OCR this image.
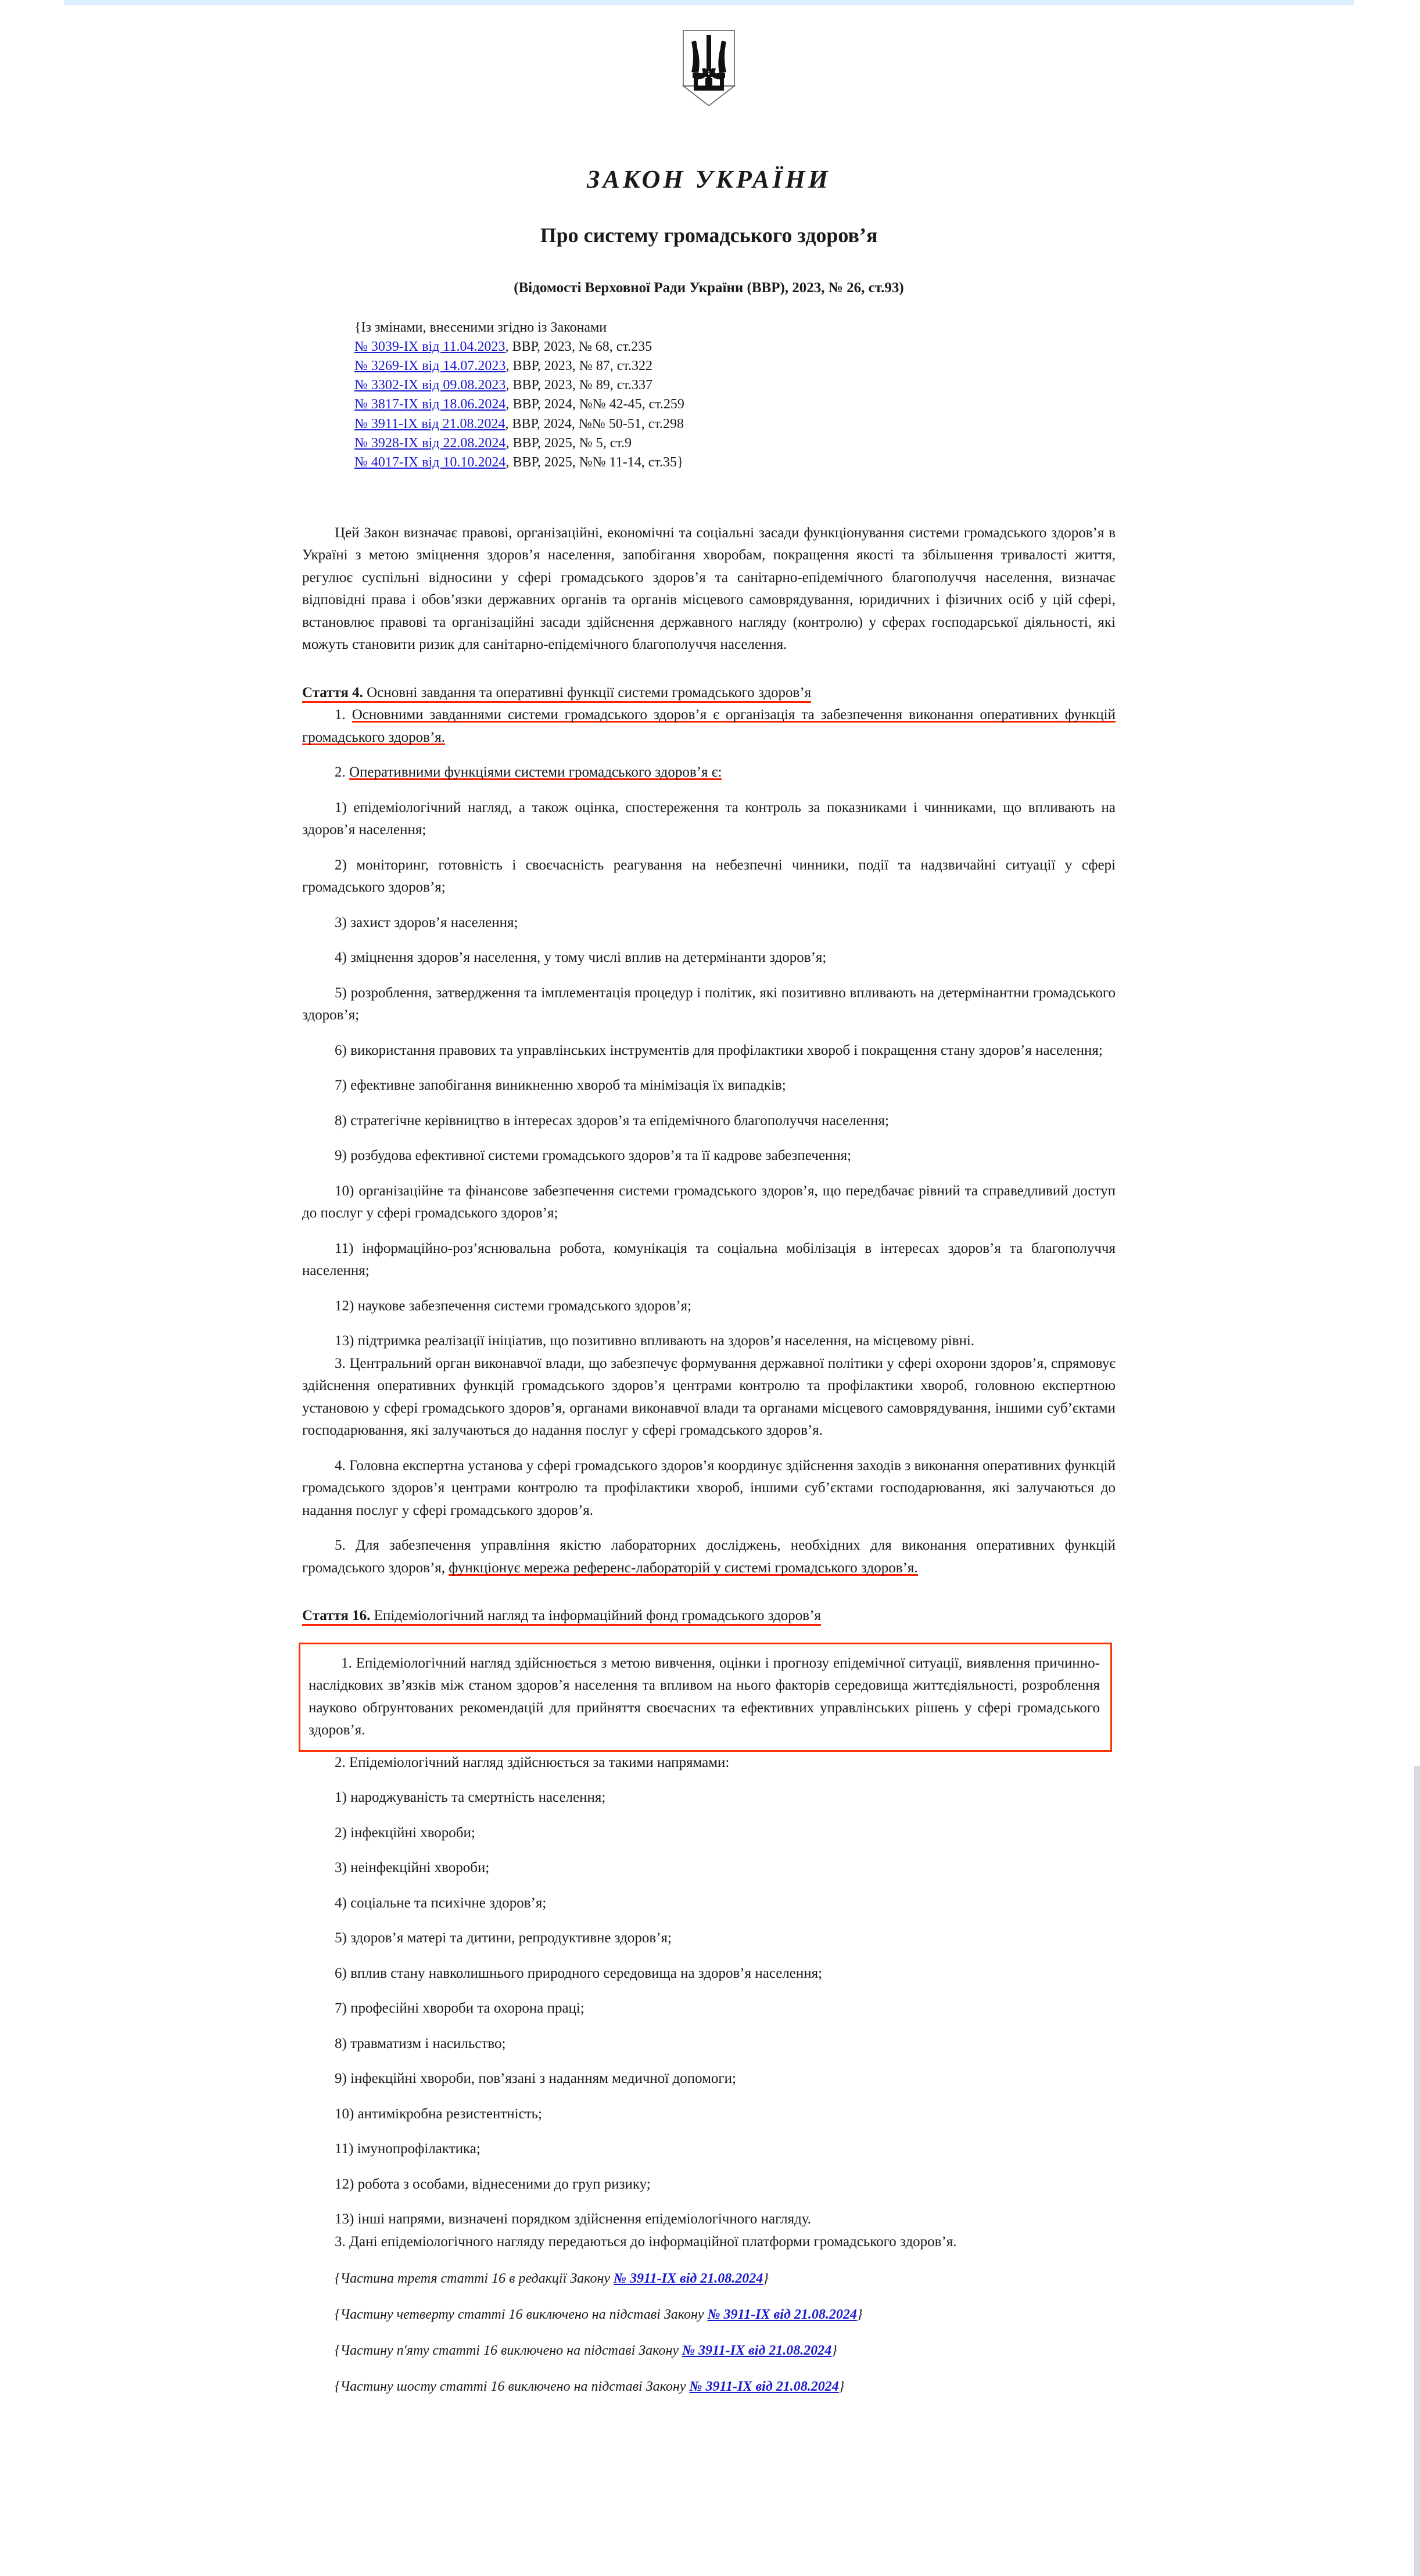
ЗАКОН УКРАЇНИ
Про систему громадського здоров’я
(Відомості Верховної Ради України (ВВР), 2023, № 26, ст.93)
{Із змінами, внесеними згідно із Законами
№ 3039-IX від 11.04.2023, ВВР, 2023, № 68, ст.235
№ 3269-IX від 14.07.2023, ВВР, 2023, № 87, ст.322
№ 3302-IX від 09.08.2023, ВВР, 2023, № 89, ст.337
№ 3817-IX від 18.06.2024, ВВР, 2024, №№ 42-45, ст.259
№ 3911-IX від 21.08.2024, ВВР, 2024, №№ 50-51, ст.298
№ 3928-IX від 22.08.2024, ВВР, 2025, № 5, ст.9
№ 4017-IX від 10.10.2024, ВВР, 2025, №№ 11-14, ст.35}

Цей Закон визначає правові, організаційні, економічні та соціальні засади функціонування системи громадського здоров’я в Україні з метою зміцнення здоров’я населення, запобігання хворобам, покращення якості та збільшення тривалості життя, регулює суспільні відносини у сфері громадського здоров’я та санітарно-епідемічного благополуччя населення, визначає відповідні права і обов’язки державних органів та органів місцевого самоврядування, юридичних і фізичних осіб у цій сфері, встановлює правові та організаційні засади здійснення державного нагляду (контролю) у сферах господарської діяльності, які можуть становити ризик для санітарно-епідемічного благополуччя населення.

Стаття 4. Основні завдання та оперативні функції системи громадського здоров’я

1. Основними завданнями системи громадського здоров’я є організація та забезпечення виконання оперативних функцій громадського здоров’я.

2. Оперативними функціями системи громадського здоров’я є:

1) епідеміологічний нагляд, а також оцінка, спостереження та контроль за показниками і чинниками, що впливають на здоров’я населення;
2) моніторинг, готовність і своєчасність реагування на небезпечні чинники, події та надзвичайні ситуації у сфері громадського здоров’я;
3) захист здоров’я населення;
4) зміцнення здоров’я населення, у тому числі вплив на детермінанти здоров’я;
5) розроблення, затвердження та імплементація процедур і політик, які позитивно впливають на детермінантни громадського здоров’я;
6) використання правових та управлінських інструментів для профілактики хвороб і покращення стану здоров’я населення;
7) ефективне запобігання виникненню хвороб та мінімізація їх випадків;
8) стратегічне керівництво в інтересах здоров’я та епідемічного благополуччя населення;
9) розбудова ефективної системи громадського здоров’я та її кадрове забезпечення;
10) організаційне та фінансове забезпечення системи громадського здоров’я, що передбачає рівний та справедливий доступ до послуг у сфері громадського здоров’я;
11) інформаційно-роз’яснювальна робота, комунікація та соціальна мобілізація в інтересах здоров’я та благополуччя населення;
12) наукове забезпечення системи громадського здоров’я;
13) підтримка реалізації ініціатив, що позитивно впливають на здоров’я населення, на місцевому рівні.

3. Центральний орган виконавчої влади, що забезпечує формування державної політики у сфері охорони здоров’я, спрямовує здійснення оперативних функцій громадського здоров’я центрами контролю та профілактики хвороб, головною експертною установою у сфері громадського здоров’я, органами виконавчої влади та органами місцевого самоврядування, іншими суб’єктами господарювання, які залучаються до надання послуг у сфері громадського здоров’я.

4. Головна експертна установа у сфері громадського здоров’я координує здійснення заходів з виконання оперативних функцій громадського здоров’я центрами контролю та профілактики хвороб, іншими суб’єктами господарювання, які залучаються до надання послуг у сфері громадського здоров’я.

5. Для забезпечення управління якістю лабораторних досліджень, необхідних для виконання оперативних функцій громадського здоров’я, функціонує мережа референс-лабораторій у системі громадського здоров’я.

Стаття 16. Епідеміологічний нагляд та інформаційний фонд громадського здоров’я

1. Епідеміологічний нагляд здійснюється з метою вивчення, оцінки і прогнозу епідемічної ситуації, виявлення причинно-наслідкових зв’язків між станом здоров’я населення та впливом на нього факторів середовища життєдіяльності, розроблення науково обґрунтованих рекомендацій для прийняття своєчасних та ефективних управлінських рішень у сфері громадського здоров’я.

2. Епідеміологічний нагляд здійснюється за такими напрямами:

1) народжуваність та смертність населення;
2) інфекційні хвороби;
3) неінфекційні хвороби;
4) соціальне та психічне здоров’я;
5) здоров’я матері та дитини, репродуктивне здоров’я;
6) вплив стану навколишнього природного середовища на здоров’я населення;
7) професійні хвороби та охорона праці;
8) травматизм і насильство;
9) інфекційні хвороби, пов’язані з наданням медичної допомоги;
10) антимікробна резистентність;
11) імунопрофілактика;
12) робота з особами, віднесеними до груп ризику;
13) інші напрями, визначені порядком здійснення епідеміологічного нагляду.

3. Дані епідеміологічного нагляду передаються до інформаційної платформи громадського здоров’я.

{Частина третя статті 16 в редакції Закону № 3911-IX від 21.08.2024}
{Частину четверту статті 16 виключено на підставі Закону № 3911-IX від 21.08.2024}
{Частину п'яту статті 16 виключено на підставі Закону № 3911-IX від 21.08.2024}
{Частину шосту статті 16 виключено на підставі Закону № 3911-IX від 21.08.2024}
